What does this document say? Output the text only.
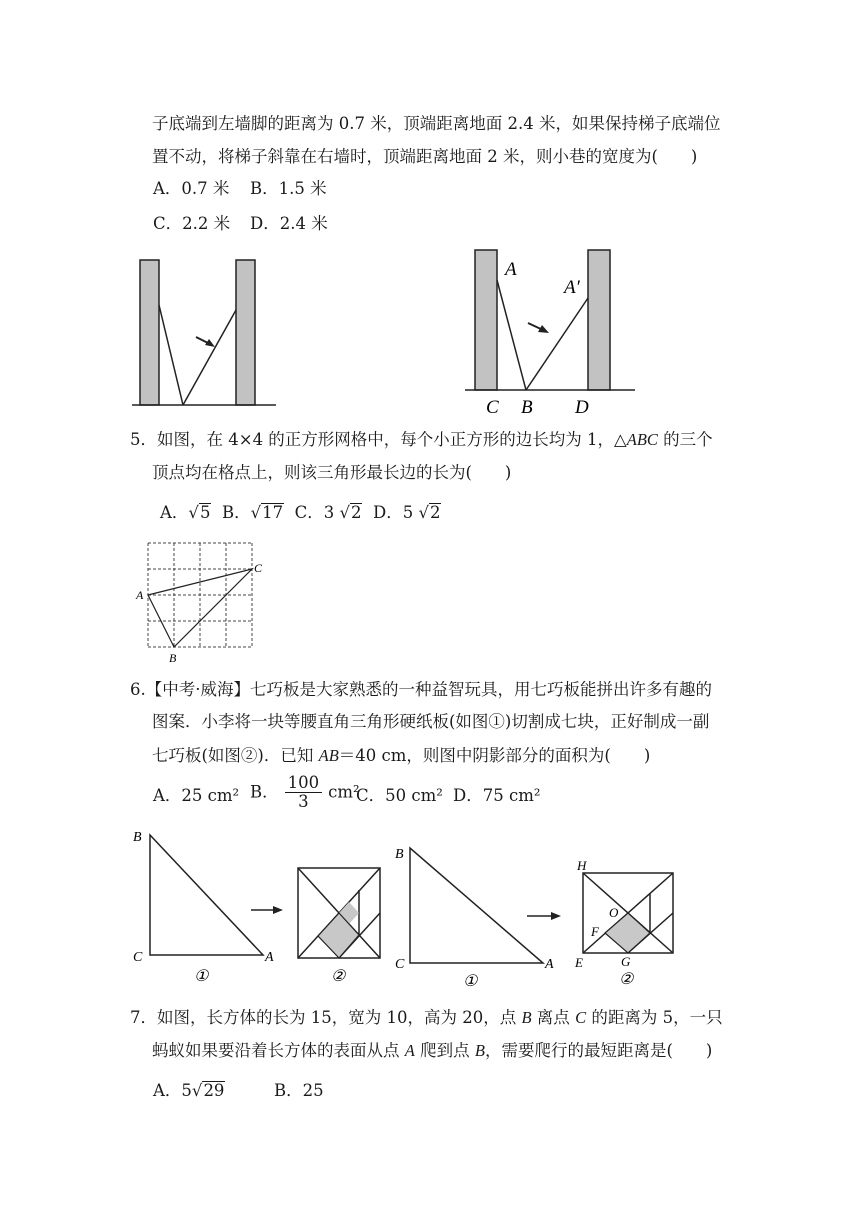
子底端到左墙脚的距离为 0.7 米，顶端距离地面 2.4 米，如果保持梯子底端位
置不动，将梯子斜靠在右墙时，顶端距离地面 2 米，则小巷的宽度为(　　)
A．0.7 米 B．1.5 米
C．2.2 米 D．2.4 米
A
A′
C B D
5．如图，在 4×4 的正方形网格中，每个小正方形的边长均为 1，△ABC 的三个
顶点均在格点上，则该三角形最长边的长为(　　)
A．√5 B．√17 C．3 √2 D．5 √2
A
B
C
6.【中考·威海】七巧板是大家熟悉的一种益智玩具，用七巧板能拼出许多有趣的
图案．小李将一块等腰直角三角形硬纸板(如图①)切割成七块，正好制成一副
七巧板(如图②)．已知 AB＝40 cm，则图中阴影部分的面积为(　　)
A．25 cm² B． $\frac{100}{3} cm^2$
C．50 cm² D．75 cm²
B
C	A
①	②
B
C	A
①
H
O
F
E	G
②
7．如图，长方体的长为 15，宽为 10，高为 20，点 B 离点 C 的距离为 5，一只
蚂蚁如果要沿着长方体的表面从点 A 爬到点 B，需要爬行的最短距离是(　　)
A．5√29	B．25
